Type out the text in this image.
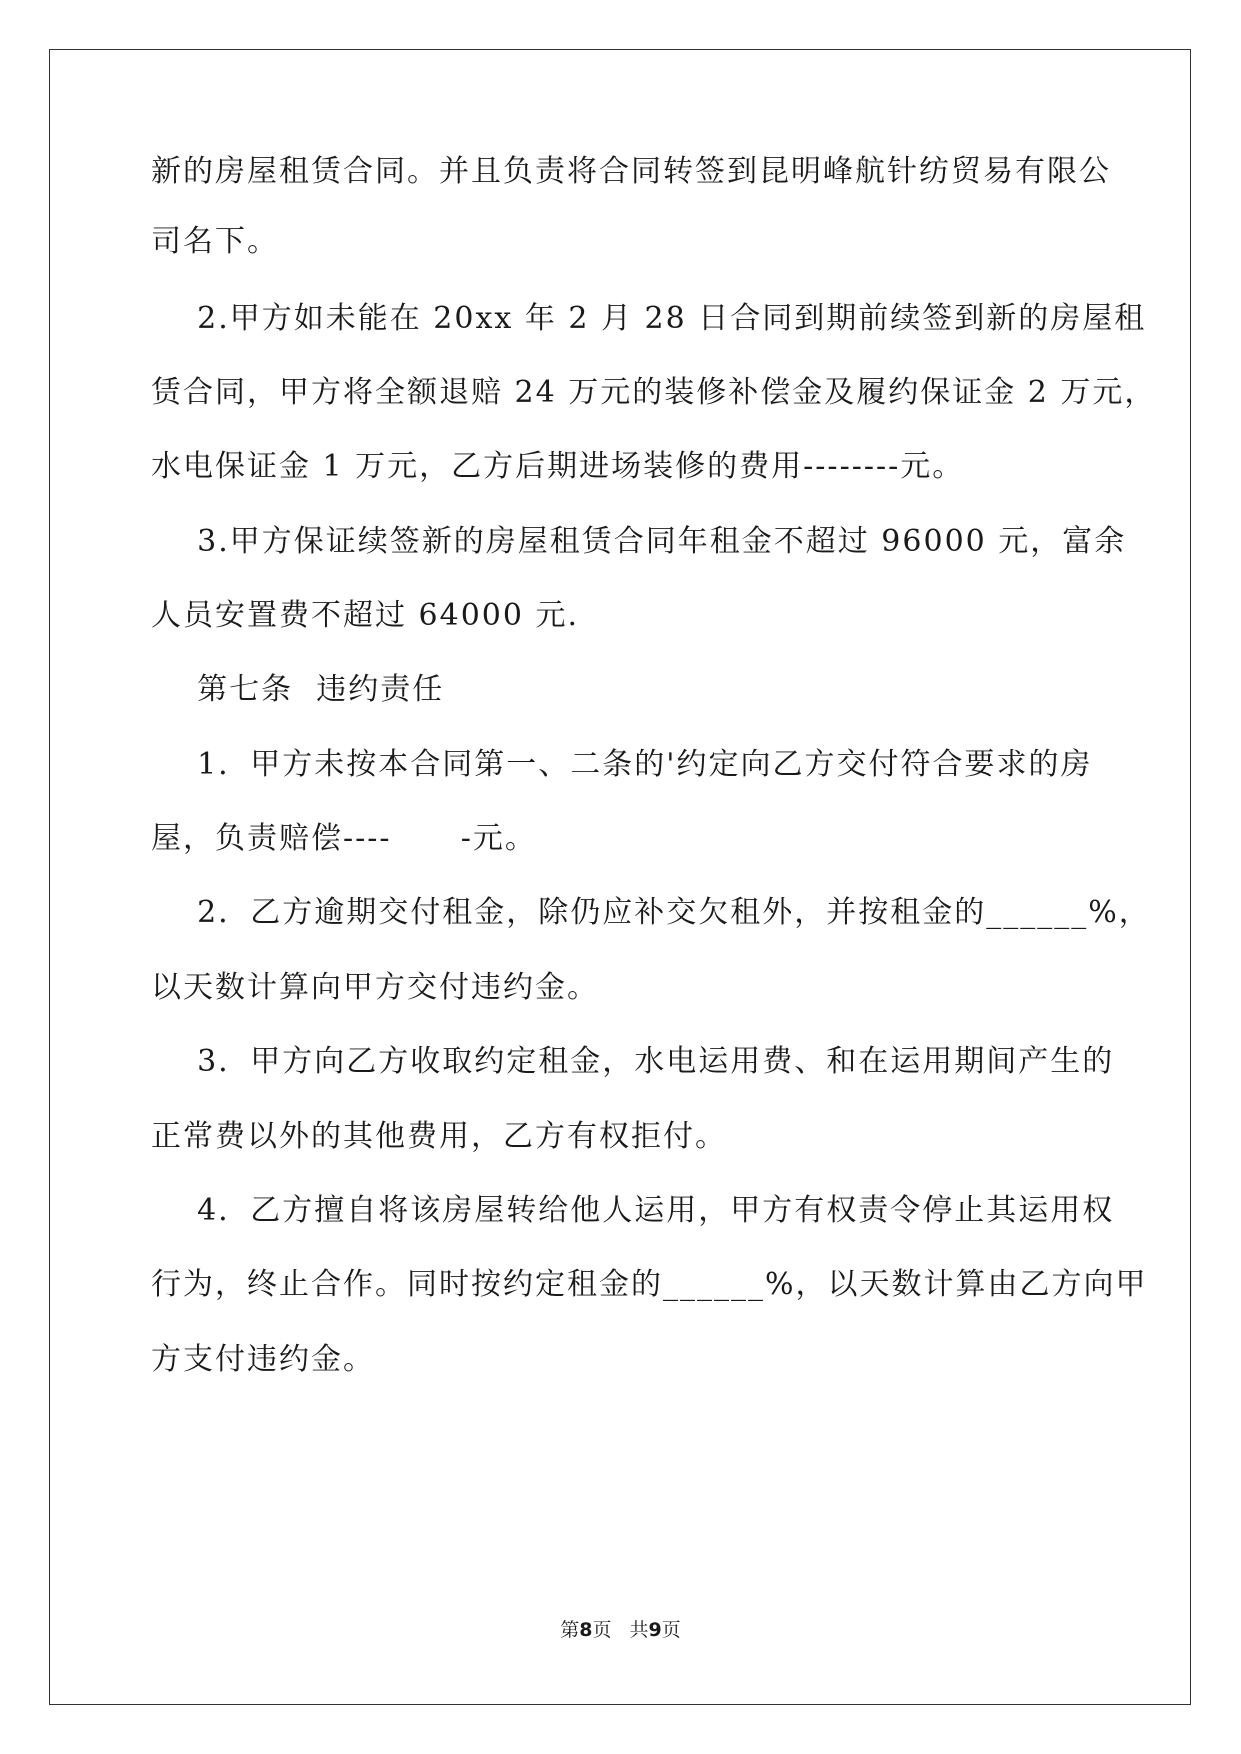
新的房屋租赁合同。并且负责将合同转签到昆明峰航针纺贸易有限公
司名下。
2.甲方如未能在 20xx 年 2 月 28 日合同到期前续签到新的房屋租
赁合同，甲方将全额退赔 24 万元的装修补偿金及履约保证金 2 万元，
水电保证金 1 万元，乙方后期进场装修的费用--------元。
3.甲方保证续签新的房屋租赁合同年租金不超过 96000 元，富余
人员安置费不超过 64000 元.
第七条  违约责任
1．甲方未按本合同第一、二条的'约定向乙方交付符合要求的房
屋，负责赔偿----      -元。
2．乙方逾期交付租金，除仍应补交欠租外，并按租金的______%，
以天数计算向甲方交付违约金。
3．甲方向乙方收取约定租金，水电运用费、和在运用期间产生的
正常费以外的其他费用，乙方有权拒付。
4．乙方擅自将该房屋转给他人运用，甲方有权责令停止其运用权
行为，终止合作。同时按约定租金的______%，以天数计算由乙方向甲
方支付违约金。
第8页 共9页
